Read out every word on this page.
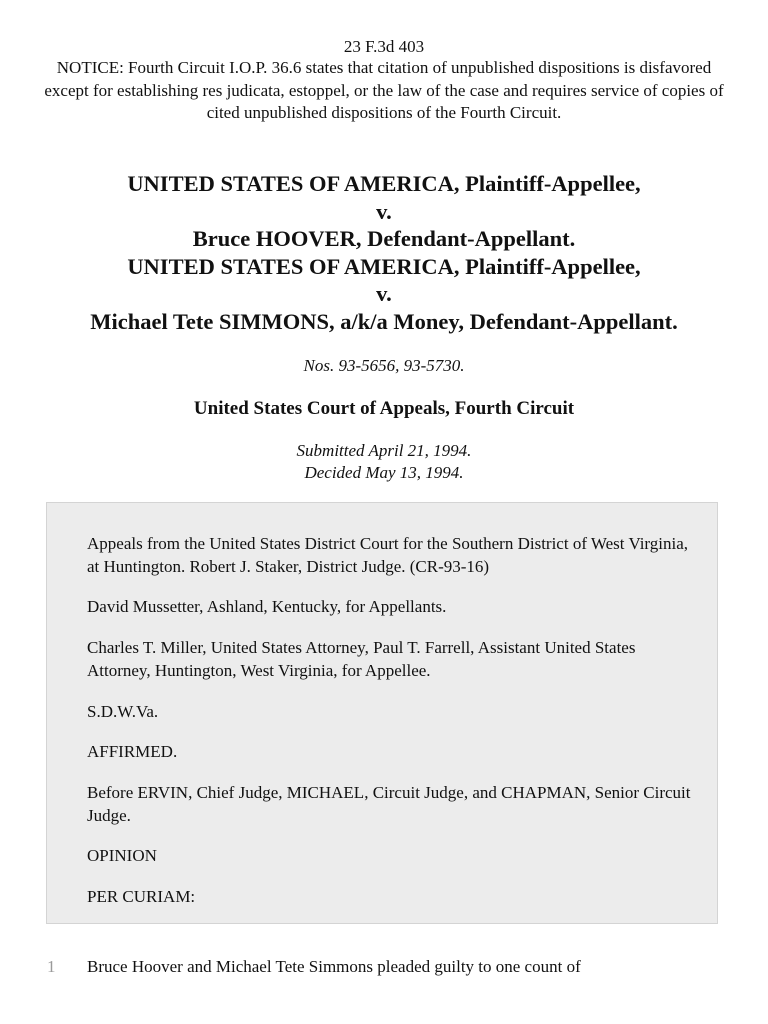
23 F.3d 403
NOTICE: Fourth Circuit I.O.P. 36.6 states that citation of unpublished dispositions is disfavored except for establishing res judicata, estoppel, or the law of the case and requires service of copies of cited unpublished dispositions of the Fourth Circuit.
UNITED STATES OF AMERICA, Plaintiff-Appellee,
v.
Bruce HOOVER, Defendant-Appellant.
UNITED STATES OF AMERICA, Plaintiff-Appellee,
v.
Michael Tete SIMMONS, a/k/a Money, Defendant-Appellant.
Nos. 93-5656, 93-5730.
United States Court of Appeals, Fourth Circuit
Submitted April 21, 1994.
Decided May 13, 1994.

Appeals from the United States District Court for the Southern District of West Virginia, at Huntington. Robert J. Staker, District Judge. (CR-93-16)

David Mussetter, Ashland, Kentucky, for Appellants.

Charles T. Miller, United States Attorney, Paul T. Farrell, Assistant United States Attorney, Huntington, West Virginia, for Appellee.

S.D.W.Va.

AFFIRMED.

Before ERVIN, Chief Judge, MICHAEL, Circuit Judge, and CHAPMAN, Senior Circuit Judge.

OPINION

PER CURIAM:

1 Bruce Hoover and Michael Tete Simmons pleaded guilty to one count of
